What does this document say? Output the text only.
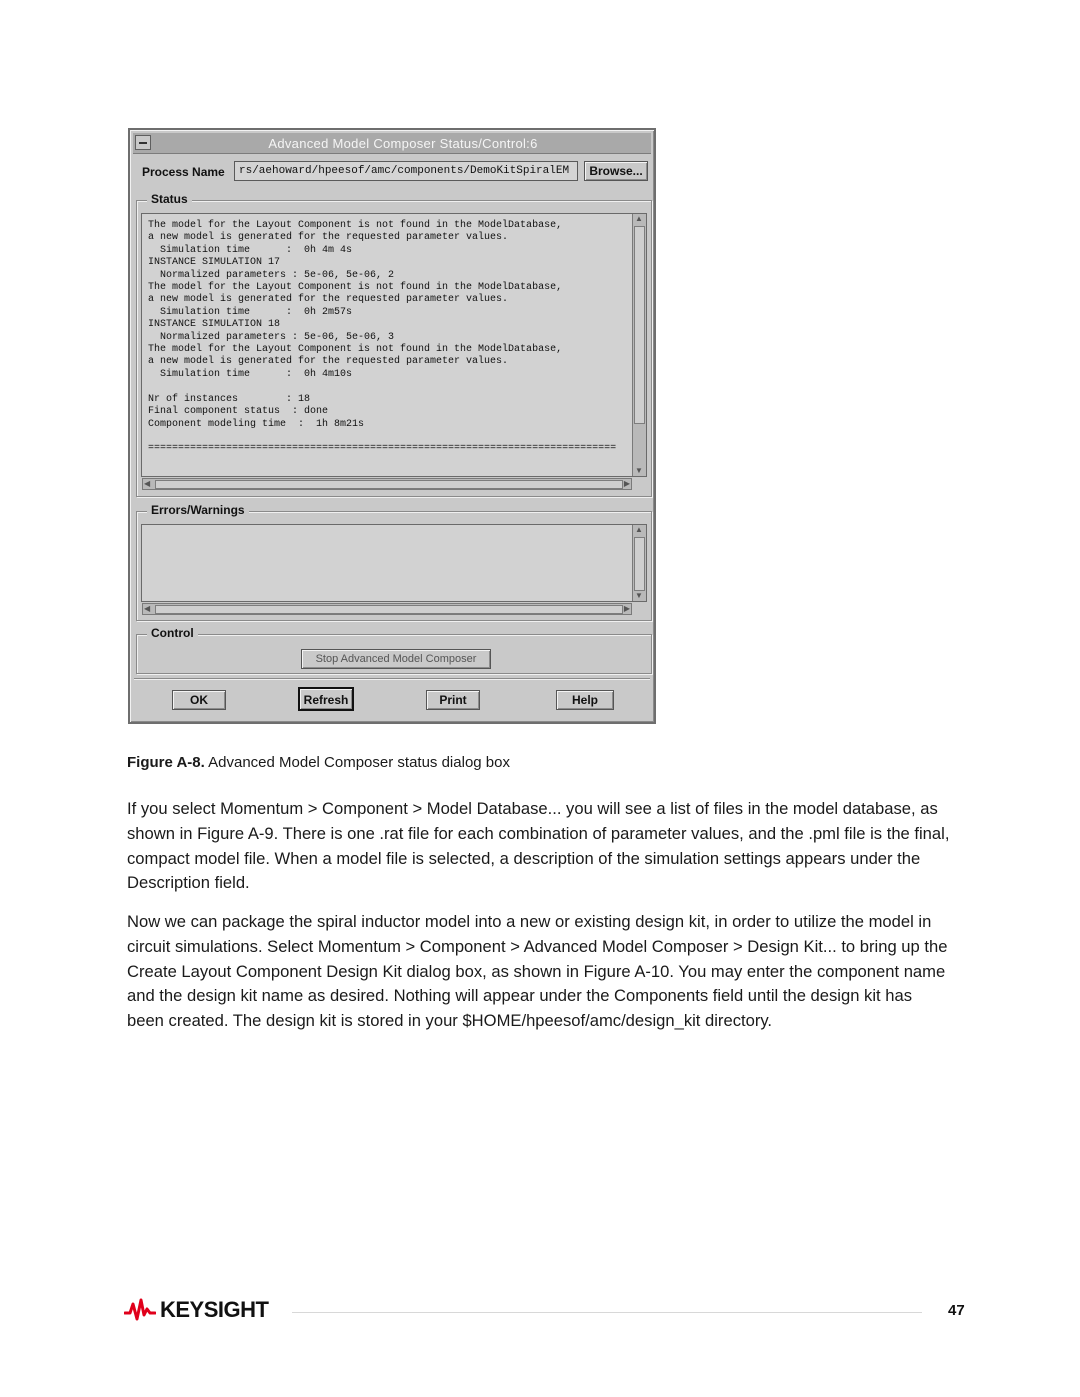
Advanced Model Composer Status/Control:6
Process Name	rs/aehoward/hpeesof/amc/components/DemoKitSpiralEM	Browse...
Status
The model for the Layout Component is not found in the ModelDatabase,
a new model is generated for the requested parameter values.
Simulation time      :  0h 4m 4s
INSTANCE SIMULATION 17
Normalized parameters : 5e-06, 5e-06, 2
The model for the Layout Component is not found in the ModelDatabase,
a new model is generated for the requested parameter values.
Simulation time      :  0h 2m57s
INSTANCE SIMULATION 18
Normalized parameters : 5e-06, 5e-06, 3
The model for the Layout Component is not found in the ModelDatabase,
a new model is generated for the requested parameter values.
Simulation time      :  0h 4m10s

Nr of instances        : 18
Final component status  : done
Component modeling time  :  1h 8m21s

==============================================================================
▲
▼
◀	▶
Errors/Warnings
▲
▼
◀	▶
Control
Stop Advanced Model Composer
OK	Refresh	Print	Help
Figure A-8. Advanced Model Composer status dialog box

If you select Momentum > Component > Model Database... you will see a list of files in the model database, as shown in Figure A-9. There is one .rat file for each combination of parameter values, and the .pml file is the final, compact model file. When a model file is selected, a description of the simulation settings appears under the Description field.

Now we can package the spiral inductor model into a new or existing design kit, in order to utilize the model in circuit simulations. Select Momentum > Component > Advanced Model Composer > Design Kit... to bring up the Create Layout Component Design Kit dialog box, as shown in Figure A-10. You may enter the component name and the design kit name as desired. Nothing will appear under the Components field until the design kit has been created. The design kit is stored in your $HOME/hpeesof/amc/design_kit directory.

KEYSIGHT	47
